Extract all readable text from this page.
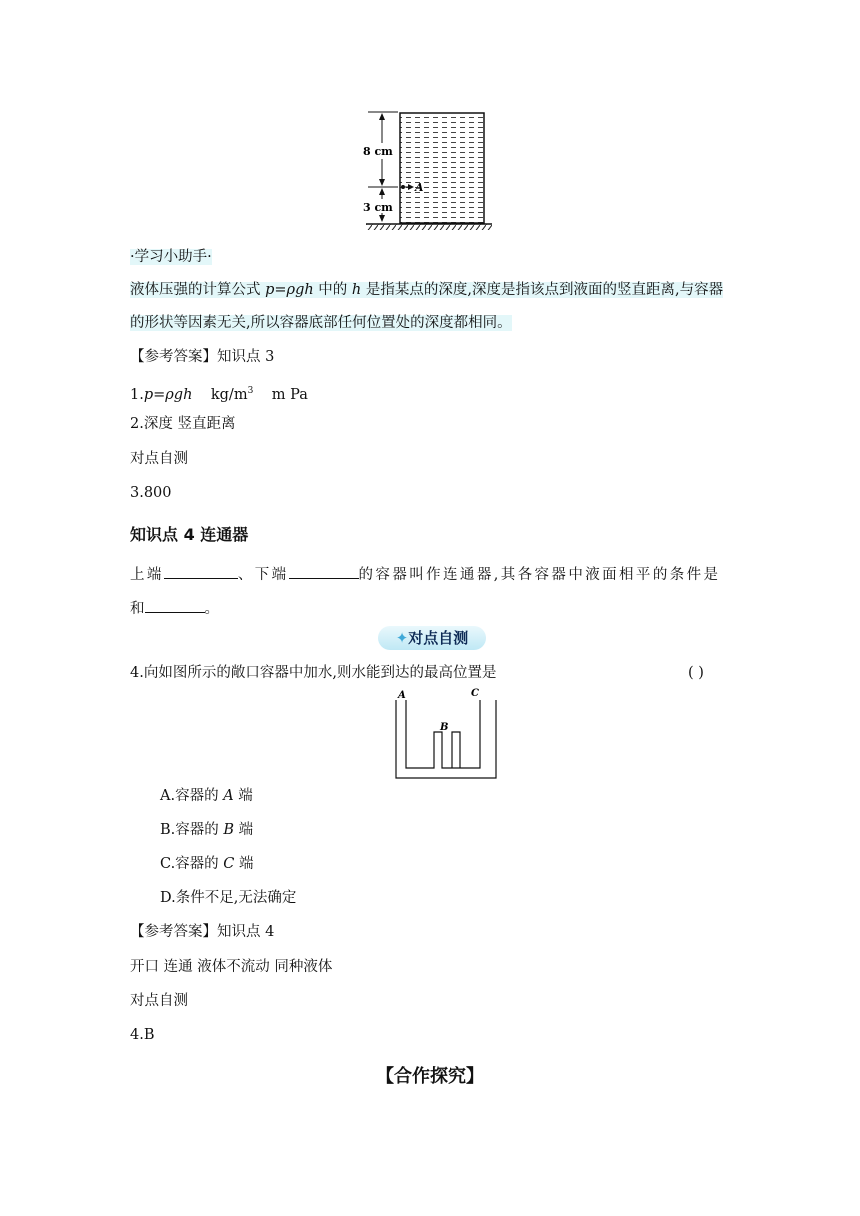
8 cm
3 cm
A
·学习小助手·
液体压强的计算公式 p=ρgh 中的 h 是指某点的深度,深度是指该点到液面的竖直距离,与容器
的形状等因素无关,所以容器底部任何位置处的深度都相同。
【参考答案】知识点 3
1.p=ρgh $kg/m^3$ m Pa
2.深度 竖直距离
对点自测
3.800
知识点 4 连通器
上端	、下端	的容器叫作连通器,其各容器中液面相平的条件是
和	。
✦对点自测
4.向如图所示的敞口容器中加水,则水能到达的最高位置是	( )
A
B
C
A.容器的 A 端
B.容器的 B 端
C.容器的 C 端
D.条件不足,无法确定
【参考答案】知识点 4
开口 连通 液体不流动 同种液体
对点自测
4.B
【合作探究】
